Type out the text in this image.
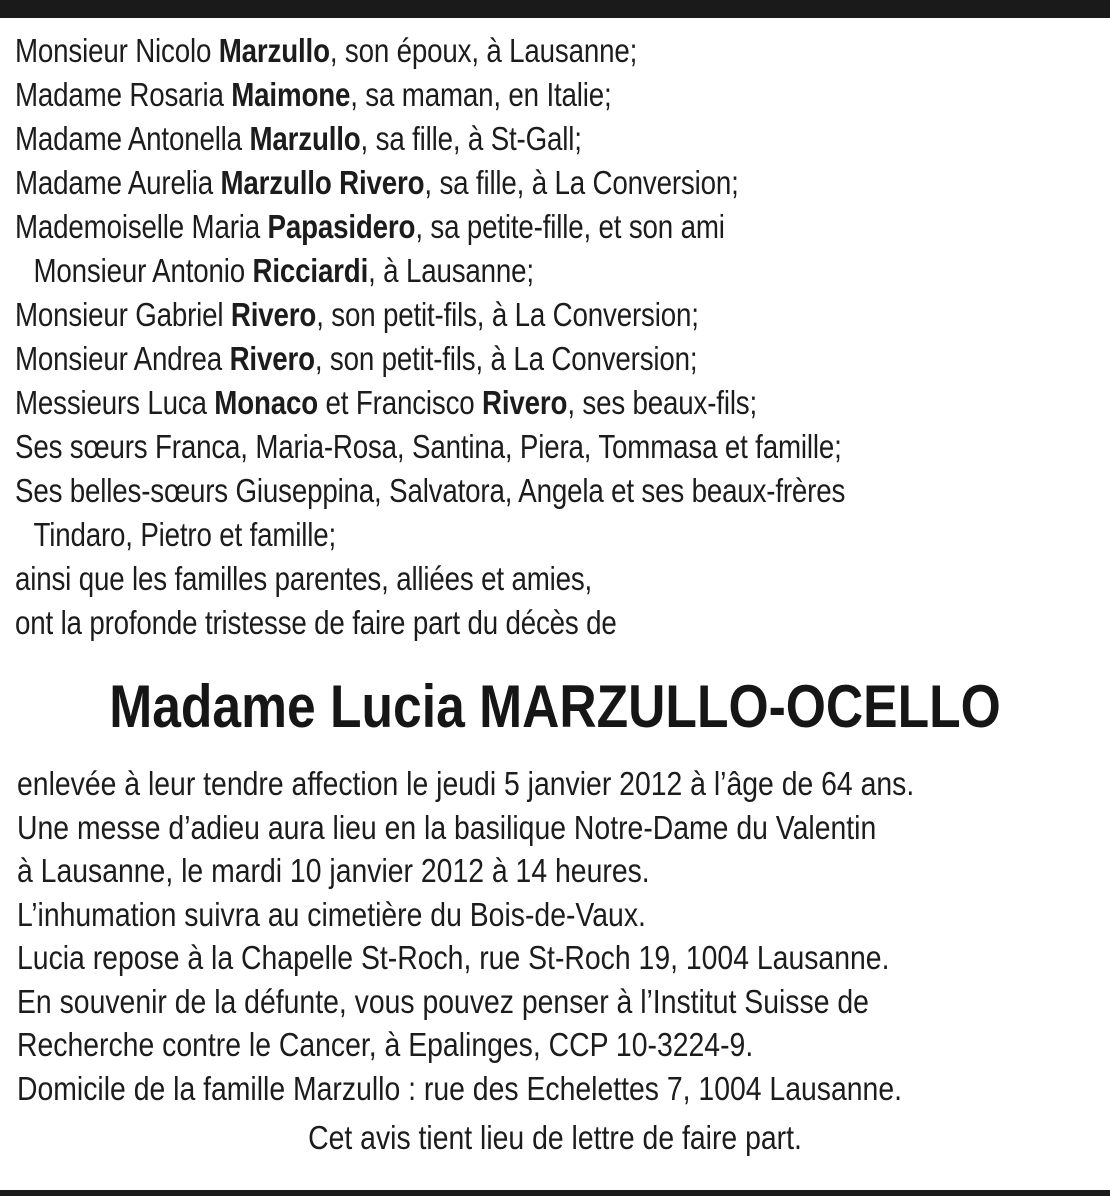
Monsieur Nicolo Marzullo, son époux, à Lausanne;
Madame Rosaria Maimone, sa maman, en Italie;
Madame Antonella Marzullo, sa fille, à St-Gall;
Madame Aurelia Marzullo Rivero, sa fille, à La Conversion;
Mademoiselle Maria Papasidero, sa petite-fille, et son ami
Monsieur Antonio Ricciardi, à Lausanne;
Monsieur Gabriel Rivero, son petit-fils, à La Conversion;
Monsieur Andrea Rivero, son petit-fils, à La Conversion;
Messieurs Luca Monaco et Francisco Rivero, ses beaux-fils;
Ses sœurs Franca, Maria-Rosa, Santina, Piera, Tommasa et famille;
Ses belles-sœurs Giuseppina, Salvatora, Angela et ses beaux-frères
Tindaro, Pietro et famille;
ainsi que les familles parentes, alliées et amies,
ont la profonde tristesse de faire part du décès de
Madame Lucia MARZULLO-OCELLO
enlevée à leur tendre affection le jeudi 5 janvier 2012 à l’âge de 64 ans.
Une messe d’adieu aura lieu en la basilique Notre-Dame du Valentin
à Lausanne, le mardi 10 janvier 2012 à 14 heures.
L’inhumation suivra au cimetière du Bois-de-Vaux.
Lucia repose à la Chapelle St-Roch, rue St-Roch 19, 1004 Lausanne.
En souvenir de la défunte, vous pouvez penser à l’Institut Suisse de
Recherche contre le Cancer, à Epalinges, CCP 10-3224-9.
Domicile de la famille Marzullo : rue des Echelettes 7, 1004 Lausanne.
Cet avis tient lieu de lettre de faire part.
